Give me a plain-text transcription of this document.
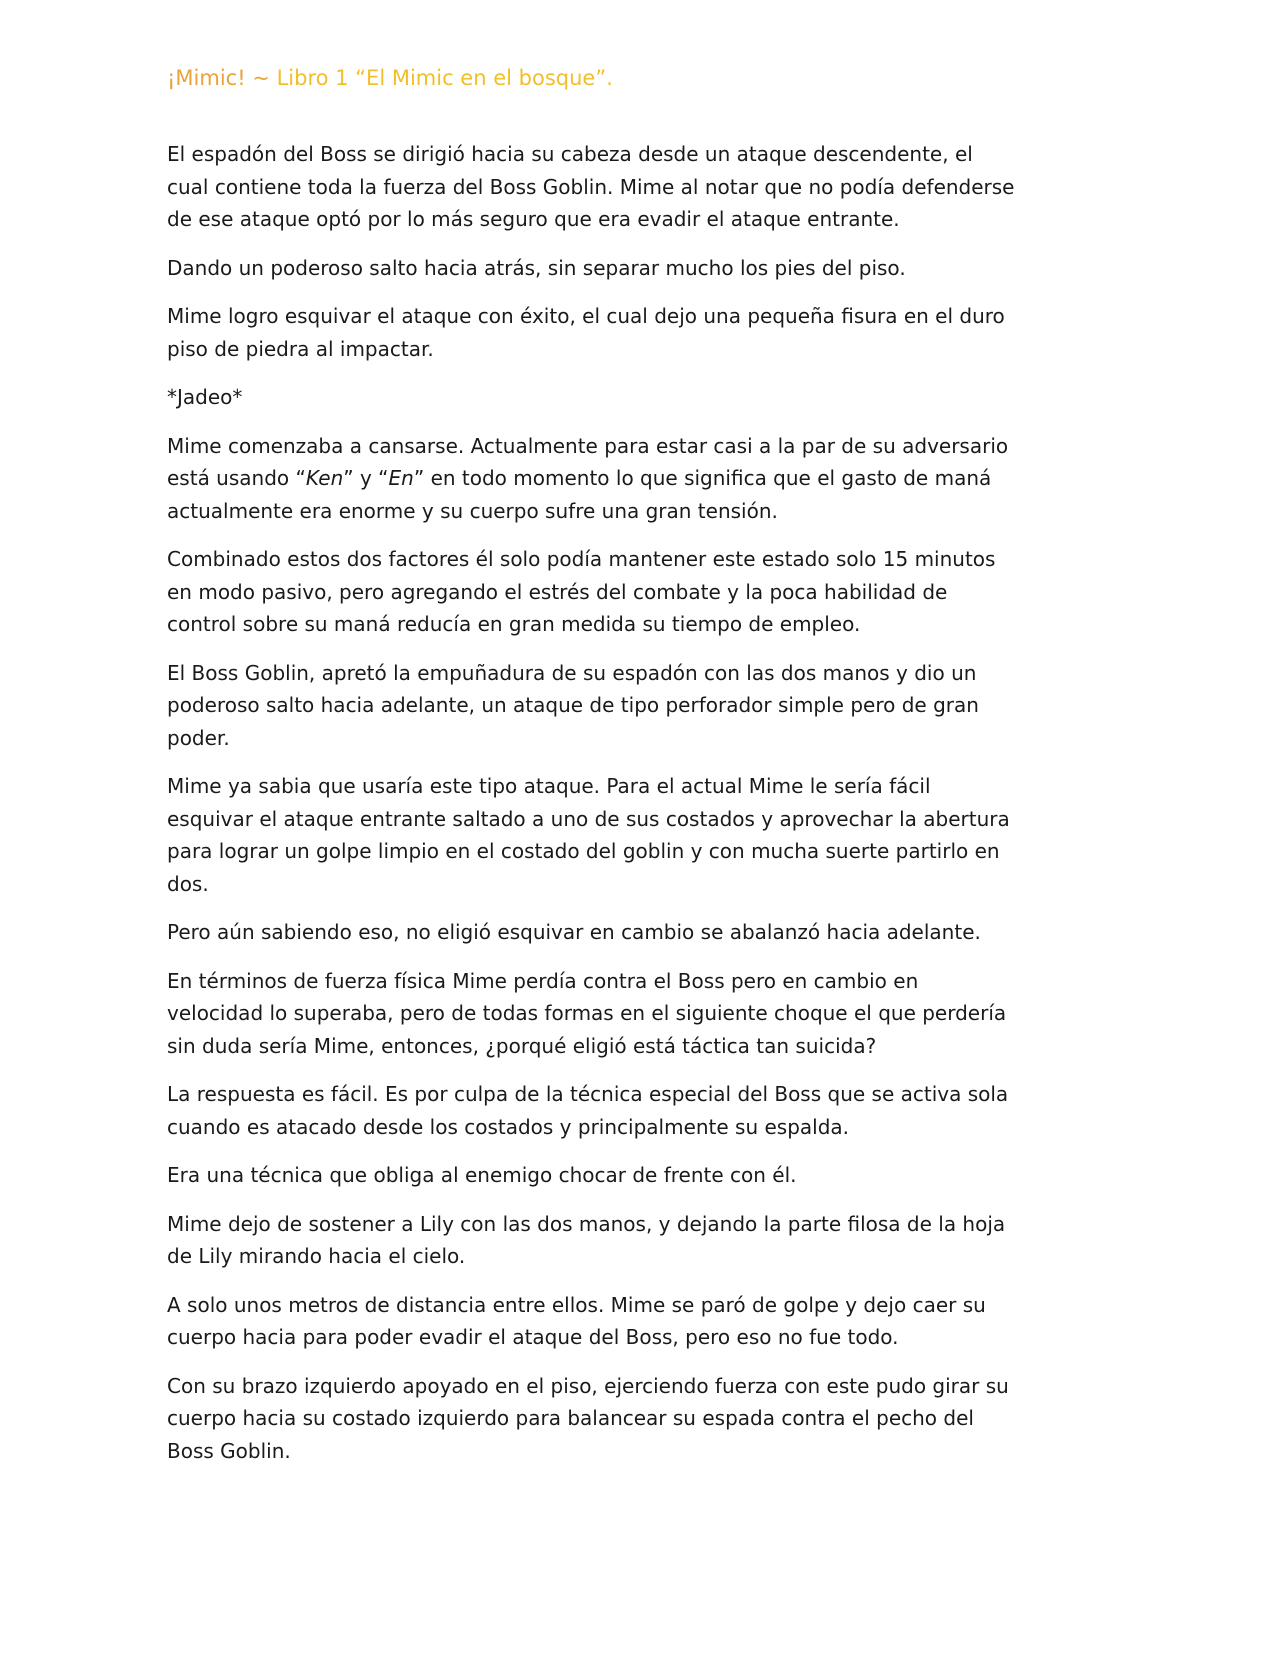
¡Mimic! ~ Libro 1 “El Mimic en el bosque”.

El espadón del Boss se dirigió hacia su cabeza desde un ataque descendente, el cual contiene toda la fuerza del Boss Goblin. Mime al notar que no podía defenderse de ese ataque optó por lo más seguro que era evadir el ataque entrante.

Dando un poderoso salto hacia atrás, sin separar mucho los pies del piso.

Mime logro esquivar el ataque con éxito, el cual dejo una pequeña fisura en el duro piso de piedra al impactar.

*Jadeo*

Mime comenzaba a cansarse. Actualmente para estar casi a la par de su adversario está usando “Ken” y “En” en todo momento lo que significa que el gasto de maná actualmente era enorme y su cuerpo sufre una gran tensión.

Combinado estos dos factores él solo podía mantener este estado solo 15 minutos en modo pasivo, pero agregando el estrés del combate y la poca habilidad de control sobre su maná reducía en gran medida su tiempo de empleo.

El Boss Goblin, apretó la empuñadura de su espadón con las dos manos y dio un poderoso salto hacia adelante, un ataque de tipo perforador simple pero de gran poder.

Mime ya sabia que usaría este tipo ataque. Para el actual Mime le sería fácil esquivar el ataque entrante saltado a uno de sus costados y aprovechar la abertura para lograr un golpe limpio en el costado del goblin y con mucha suerte partirlo en dos.

Pero aún sabiendo eso, no eligió esquivar en cambio se abalanzó hacia adelante.

En términos de fuerza física Mime perdía contra el Boss pero en cambio en velocidad lo superaba, pero de todas formas en el siguiente choque el que perdería sin duda sería Mime, entonces, ¿porqué eligió está táctica tan suicida?

La respuesta es fácil. Es por culpa de la técnica especial del Boss que se activa sola cuando es atacado desde los costados y principalmente su espalda.

Era una técnica que obliga al enemigo chocar de frente con él.

Mime dejo de sostener a Lily con las dos manos, y dejando la parte filosa de la hoja de Lily mirando hacia el cielo.

A solo unos metros de distancia entre ellos. Mime se paró de golpe y dejo caer su cuerpo hacia para poder evadir el ataque del Boss, pero eso no fue todo.

Con su brazo izquierdo apoyado en el piso, ejerciendo fuerza con este pudo girar su cuerpo hacia su costado izquierdo para balancear su espada contra el pecho del Boss Goblin.
